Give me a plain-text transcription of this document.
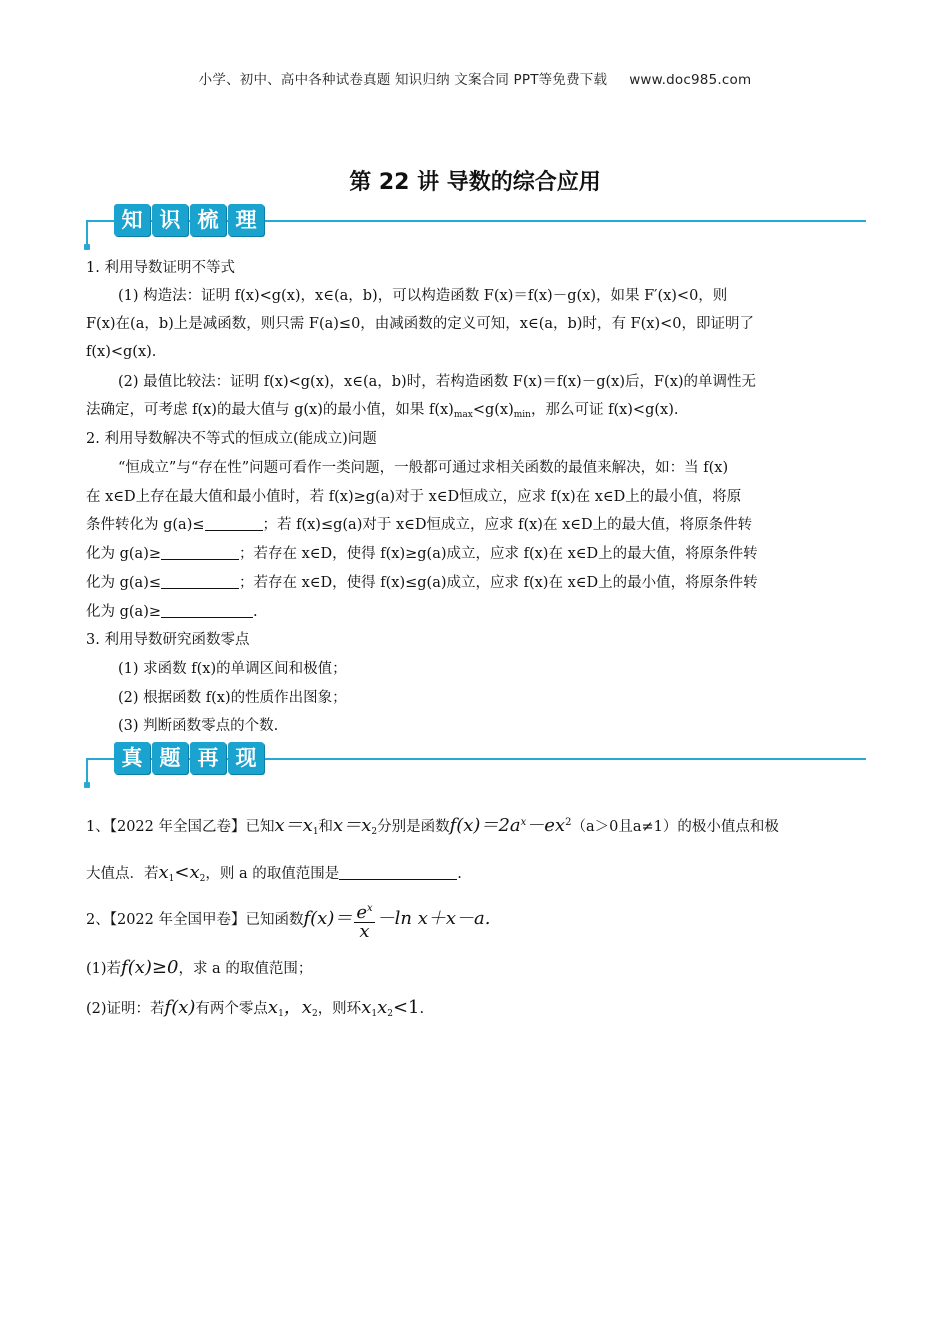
小学、初中、高中各种试卷真题 知识归纳 文案合同 PPT等免费下载 www.doc985.com
第 22 讲 导数的综合应用
知 识 梳 理
1. 利用导数证明不等式
(1) 构造法：证明 f(x)<g(x)，x∈(a，b)，可以构造函数 F(x)＝f(x)－g(x)，如果 F′(x)<0，则
F(x)在(a，b)上是减函数，则只需 F(a)≤0，由减函数的定义可知，x∈(a，b)时，有 F(x)<0，即证明了
f(x)<g(x).
(2) 最值比较法：证明 f(x)<g(x)，x∈(a，b)时，若构造函数 F(x)＝f(x)－g(x)后，F(x)的单调性无
法确定，可考虑 f(x)的最大值与 g(x)的最小值，如果 $f(x)_{max}<g(x)_{min}$，那么可证 f(x)<g(x).
2. 利用导数解决不等式的恒成立(能成立)问题
“恒成立”与“存在性”问题可看作一类问题，一般都可通过求相关函数的最值来解决，如：当 f(x)
在 x∈D上存在最大值和最小值时，若 f(x)≥g(a)对于 x∈D恒成立，应求 f(x)在 x∈D上的最小值，将原
条件转化为 g(a)≤	；若 f(x)≤g(a)对于 x∈D恒成立，应求 f(x)在 x∈D上的最大值，将原条件转
化为 g(a)≥	；若存在 x∈D，使得 f(x)≥g(a)成立，应求 f(x)在 x∈D上的最大值，将原条件转
化为 g(a)≤	；若存在 x∈D，使得 f(x)≤g(a)成立，应求 f(x)在 x∈D上的最小值，将原条件转
化为 g(a)≥	.
3. 利用导数研究函数零点
(1) 求函数 f(x)的单调区间和极值；
(2) 根据函数 f(x)的性质作出图象；
(3) 判断函数零点的个数.
真 题 再 现
1、【2022 年全国乙卷】已知$x=x_1$和$x=x_2$分别是函数$f(x)=2a^x-ex^2(a>0$且a≠1）的极小值点和极
大值点．若$x_1<x_2$，则 a 的取值范围是	.
2、【2022 年全国甲卷】已知函数$f(x)= \frac{e^x}{x} -\ln$ x＋x－a.
(1)若f(x)≥0，求 a 的取值范围；
(2)证明：若f(x)有两个零点$x_1$，$x_2$，则环$x_1x_2<1$.
